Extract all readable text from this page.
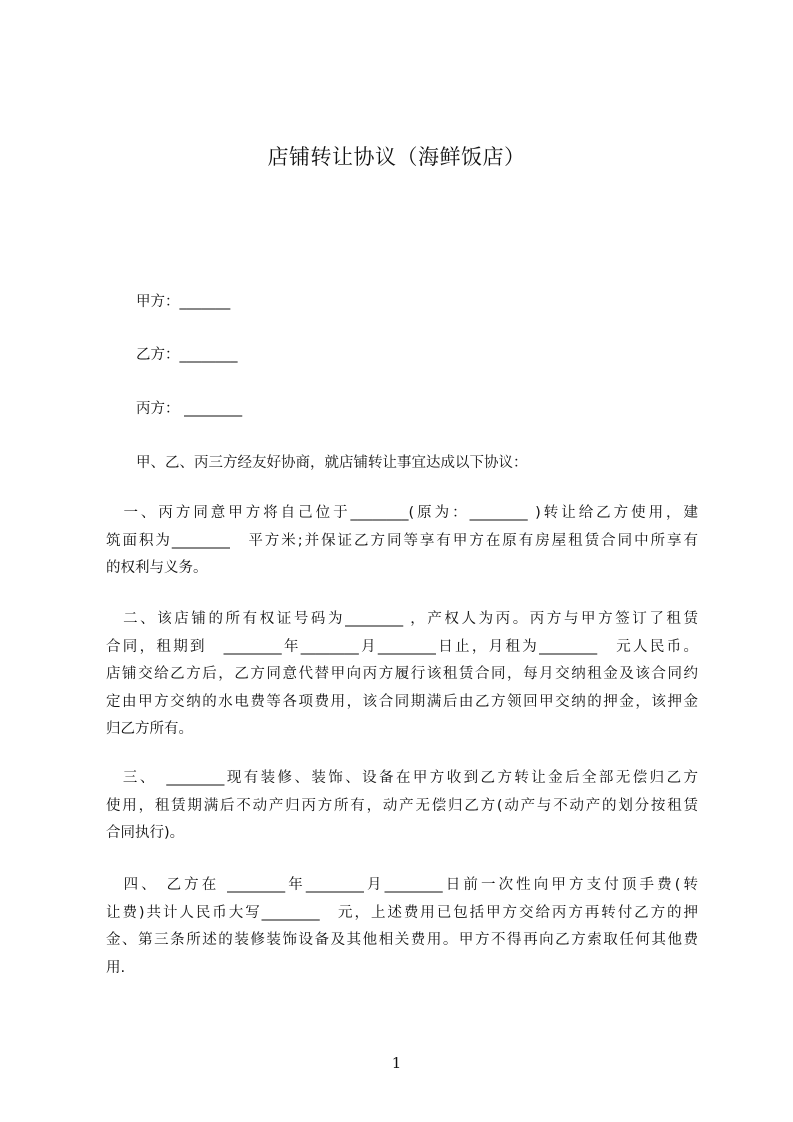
店铺转让协议（海鲜饭店）
甲方：_______
乙方：________
丙方： ________
甲、乙、丙三方经友好协商，就店铺转让事宜达成以下协议：
　一、丙方同意甲方将自己位于________(原为：________ )转让给乙方使用，建
筑面积为________　平方米;并保证乙方同等享有甲方在原有房屋租赁合同中所享有
的权利与义务。
　二、该店铺的所有权证号码为________ ，产权人为丙。丙方与甲方签订了租赁
合同，租期到　________年________月________日止，月租为________　元人民币。
店铺交给乙方后，乙方同意代替甲向丙方履行该租赁合同，每月交纳租金及该合同约
定由甲方交纳的水电费等各项费用，该合同期满后由乙方领回甲交纳的押金，该押金
归乙方所有。
　三、　________现有装修、装饰、设备在甲方收到乙方转让金后全部无偿归乙方
使用，租赁期满后不动产归丙方所有，动产无偿归乙方(动产与不动产的划分按租赁
合同执行)。
　四、 乙方在 ________年________月________日前一次性向甲方支付顶手费(转
让费)共计人民币大写________　元，上述费用已包括甲方交给丙方再转付乙方的押
金、第三条所述的装修装饰设备及其他相关费用。甲方不得再向乙方索取任何其他费
用.
1
